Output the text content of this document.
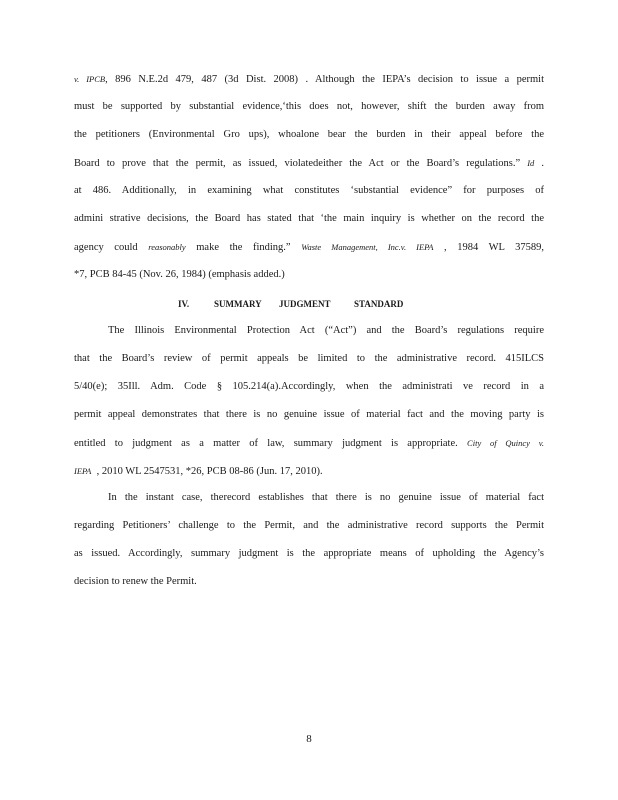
v. IPCB, 896 N.E.2d 479, 487 (3d Dist. 2008) . Although the IEPA’s decision to issue a permit
must be supported by substantial evidence,‘this does not, however, shift the burden away from
the petitioners (Environmental Gro ups), whoalone bear the burden in their appeal before the
Board to prove that the permit, as issued, violatedeither the Act or the Board’s regulations.” Id .
at 486. Additionally, in examining what constitutes ‘substantial evidence” for purposes of
admini strative decisions, the Board has stated that ‘the main inquiry is whether on the record the
agency could reasonably make the finding.” Waste Management, Inc.v. IEPA , 1984 WL 37589,
*7, PCB 84-45 (Nov. 26, 1984) (emphasis added.)
IV.	SUMMARY JUDGMENT	STANDARD
The Illinois Environmental Protection Act (“Act”) and the Board’s regulations require
that the Board’s review of permit appeals be limited to the administrative record. 415ILCS
5/40(e); 35Ill. Adm. Code § 105.214(a).Accordingly, when the administrati ve record in a
permit appeal demonstrates that there is no genuine issue of material fact and the moving party is
entitled to judgment as a matter of law, summary judgment is appropriate. City of Quincy v.
IEPA , 2010 WL 2547531, *26, PCB 08-86 (Jun. 17, 2010).
In the instant case, therecord establishes that there is no genuine issue of material fact
regarding Petitioners’ challenge to the Permit, and the administrative record supports the Permit
as issued. Accordingly, summary judgment is the appropriate means of upholding the Agency’s
decision to renew the Permit.
8
